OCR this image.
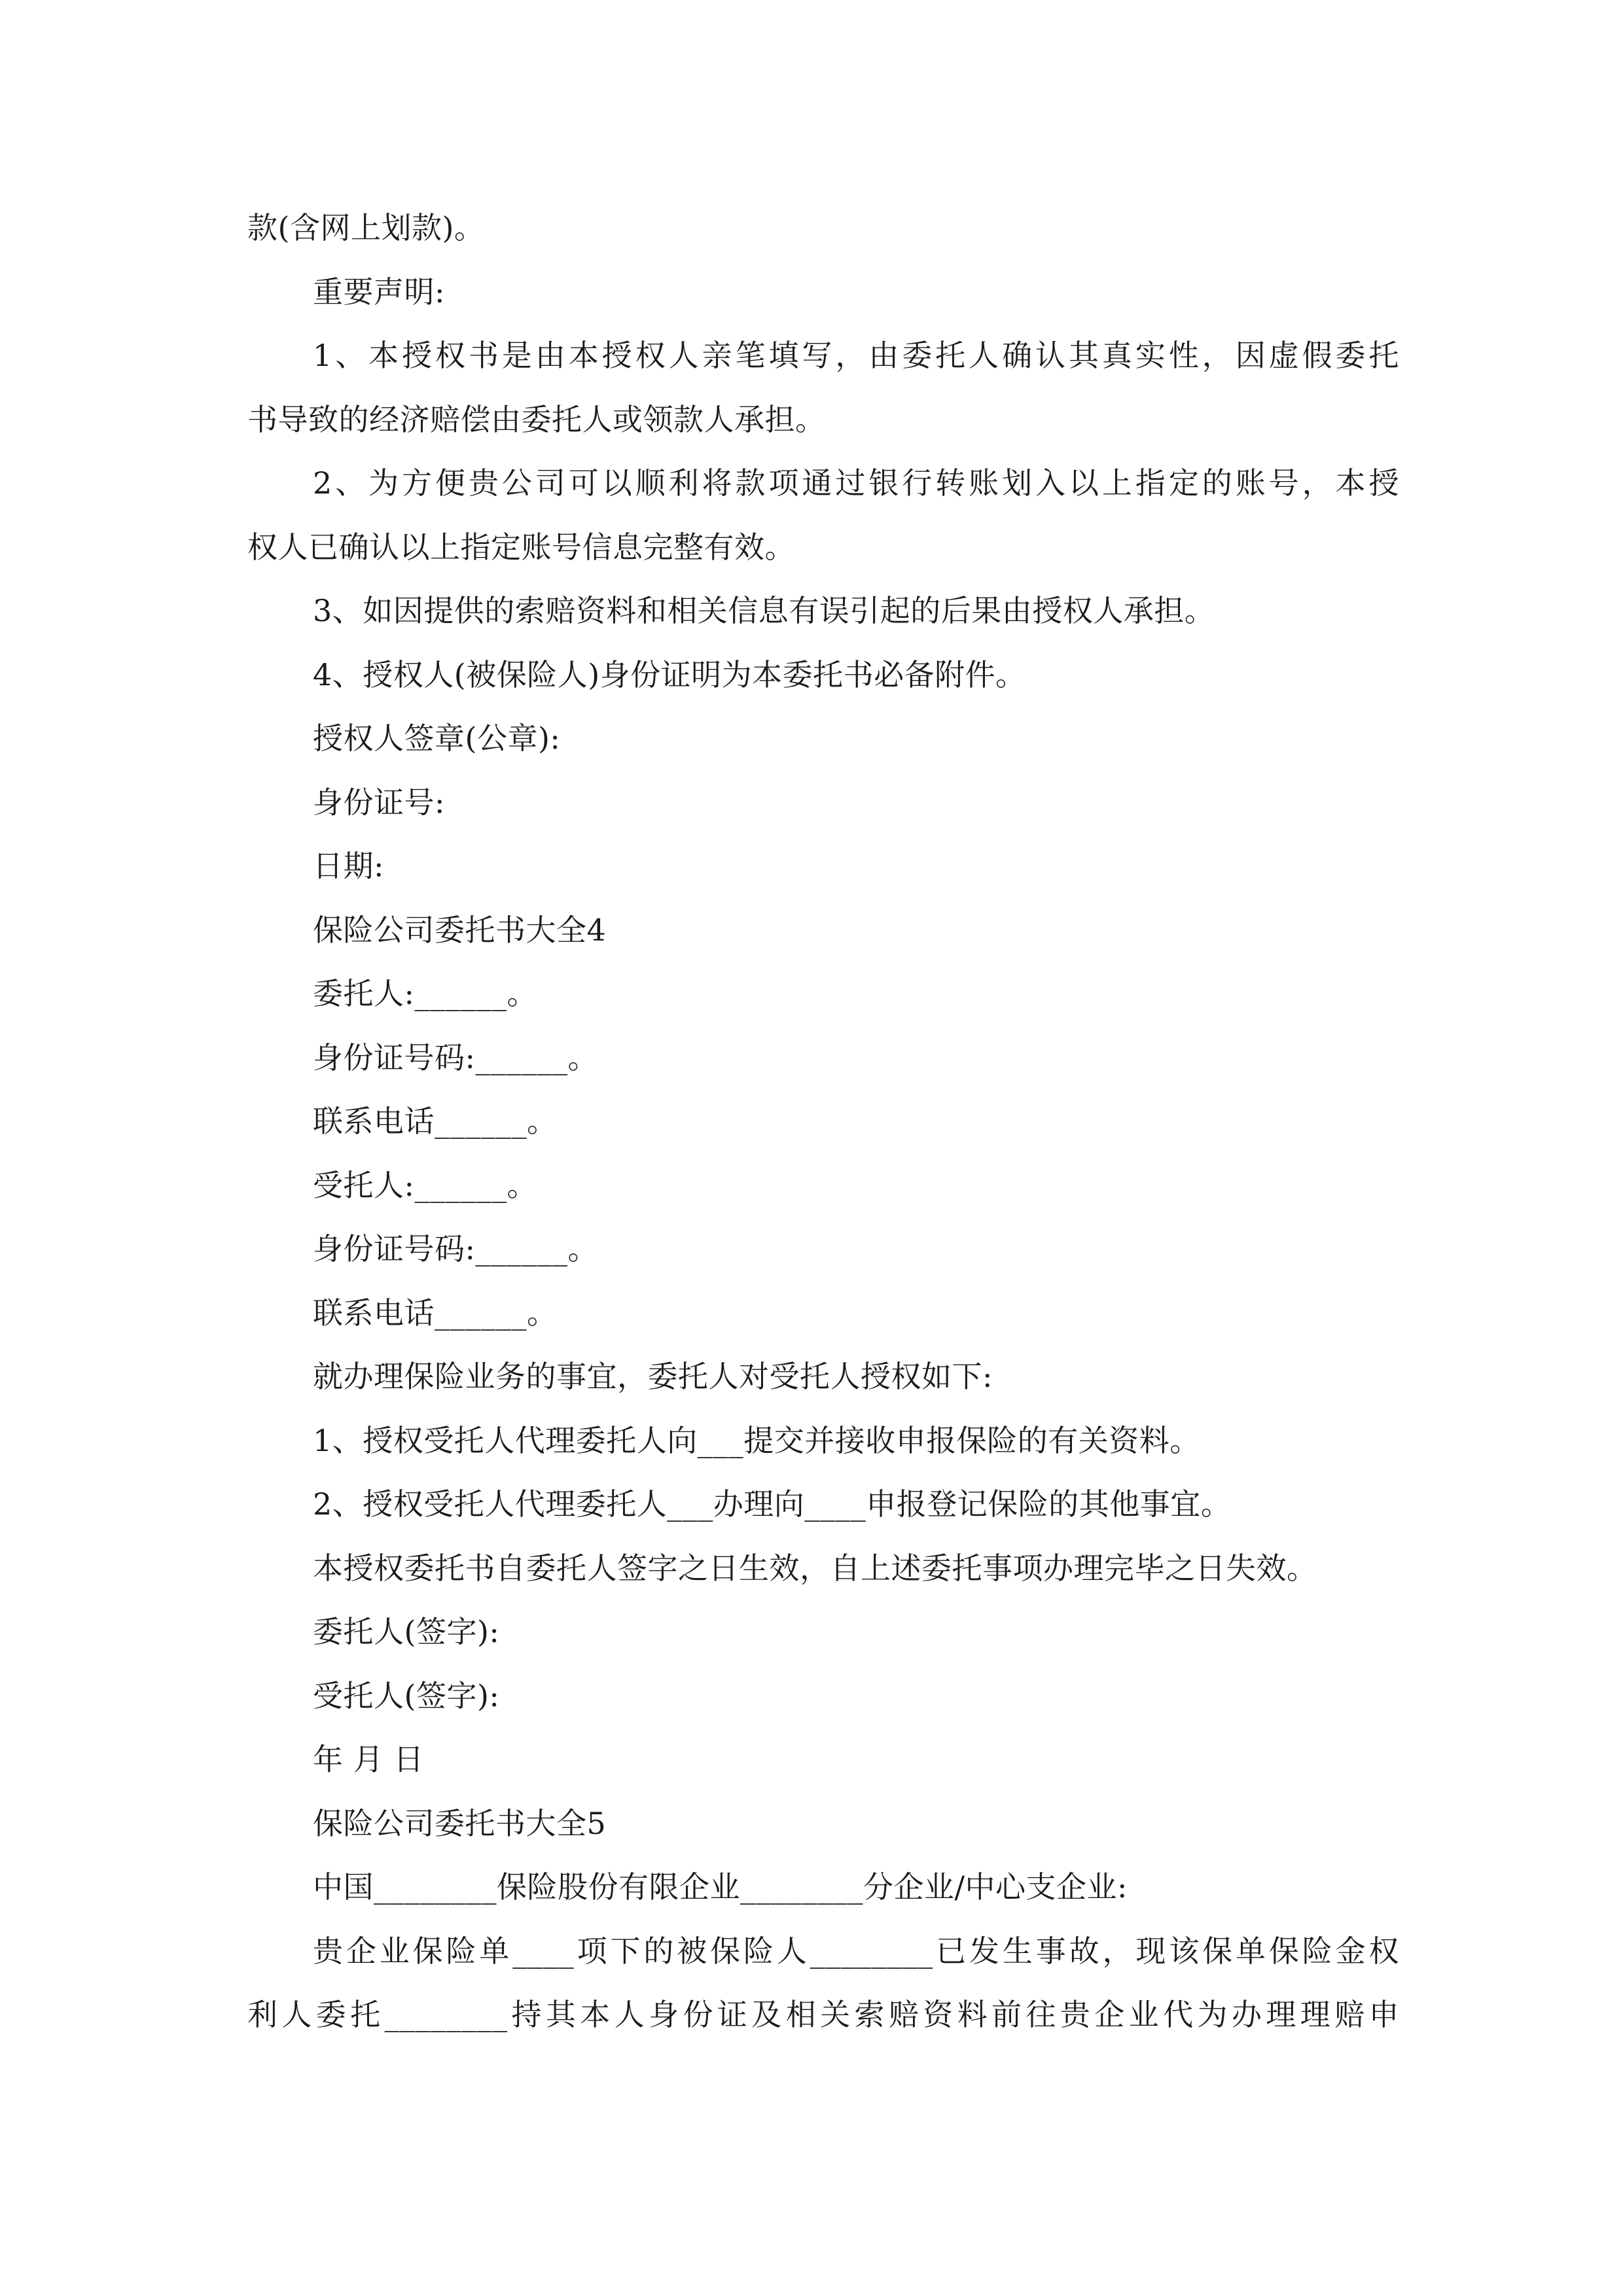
款(含网上划款)。
重要声明:
1、本授权书是由本授权人亲笔填写，由委托人确认其真实性，因虚假委托
书导致的经济赔偿由委托人或领款人承担。
2、为方便贵公司可以顺利将款项通过银行转账划入以上指定的账号，本授
权人已确认以上指定账号信息完整有效。
3、如因提供的索赔资料和相关信息有误引起的后果由授权人承担。
4、授权人(被保险人)身份证明为本委托书必备附件。
授权人签章(公章):
身份证号:
日期:
保险公司委托书大全4
委托人:______。
身份证号码:______。
联系电话______。
受托人:______。
身份证号码:______。
联系电话______。
就办理保险业务的事宜，委托人对受托人授权如下:
1、授权受托人代理委托人向___提交并接收申报保险的有关资料。
2、授权受托人代理委托人___办理向____申报登记保险的其他事宜。
本授权委托书自委托人签字之日生效，自上述委托事项办理完毕之日失效。
委托人(签字):
受托人(签字):
年 月 日
保险公司委托书大全5
中国________保险股份有限企业________分企业/中心支企业:
贵企业保险单____项下的被保险人________已发生事故，现该保单保险金权
利人委托________持其本人身份证及相关索赔资料前往贵企业代为办理理赔申
